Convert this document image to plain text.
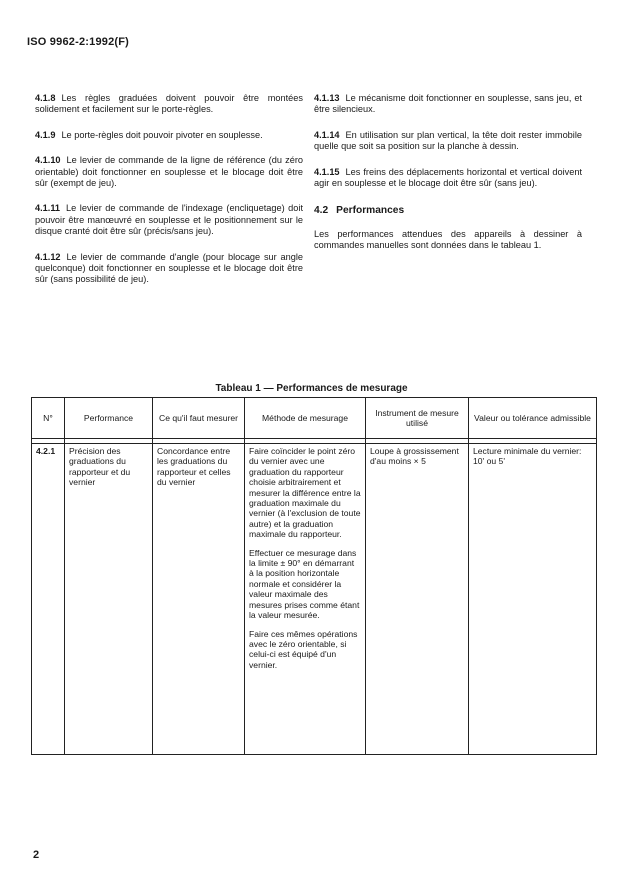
ISO 9962-2:1992(F)

4.1.8 Les règles graduées doivent pouvoir être montées solidement et facilement sur le porte-règles.

4.1.9 Le porte-règles doit pouvoir pivoter en souplesse.

4.1.10 Le levier de commande de la ligne de référence (du zéro orientable) doit fonctionner en souplesse et le blocage doit être sûr (exempt de jeu).

4.1.11 Le levier de commande de l'indexage (encliquetage) doit pouvoir être manœuvré en souplesse et le positionnement sur le disque cranté doit être sûr (précis/sans jeu).

4.1.12 Le levier de commande d'angle (pour blocage sur angle quelconque) doit fonctionner en souplesse et le blocage doit être sûr (sans possibilité de jeu).

4.1.13 Le mécanisme doit fonctionner en souplesse, sans jeu, et être silencieux.

4.1.14 En utilisation sur plan vertical, la tête doit rester immobile quelle que soit sa position sur la planche à dessin.

4.1.15 Les freins des déplacements horizontal et vertical doivent agir en souplesse et le blocage doit être sûr (sans jeu).

4.2 Performances

Les performances attendues des appareils à dessiner à commandes manuelles sont données dans le tableau 1.

Tableau 1 — Performances de mesurage
N°	Performance	Ce qu'il faut mesurer	Méthode de mesurage	Instrument de mesure utilisé	Valeur ou tolérance admissible

4.2.1	Précision des graduations du rapporteur et du vernier	Concordance entre les graduations du rapporteur et celles du vernier	Faire coïncider le point zéro du vernier avec une graduation du rapporteur choisie arbitrairement et mesurer la différence entre la graduation maximale du vernier (à l'exclusion de toute autre) et la graduation maximale du rapporteur.

Effectuer ce mesurage dans la limite ± 90° en démarrant à la position horizontale normale et considérer la valeur maximale des mesures prises comme étant la valeur mesurée.

Faire ces mêmes opérations avec le zéro orientable, si celui-ci est équipé d'un vernier.	Loupe à grossissement d'au moins × 5	Lecture minimale du vernier: 10' ou 5'
2
